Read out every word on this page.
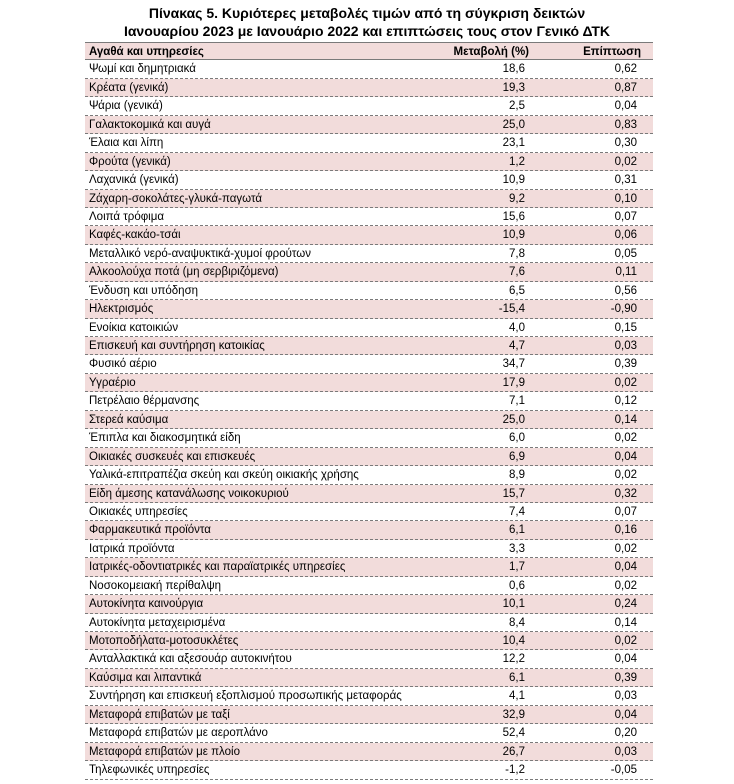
Πίνακας 5. Κυριότερες μεταβολές τιμών από τη σύγκριση δεικτών
Ιανουαρίου 2023 με Ιανουάριο 2022 και επιπτώσεις τους στον Γενικό ΔΤΚ
Αγαθά και υπηρεσίες	Μεταβολή (%)	Επίπτωση
Ψωμί και δημητριακά	18,6	0,62
Κρέατα (γενικά)	19,3	0,87
Ψάρια (γενικά)	2,5	0,04
Γαλακτοκομικά και αυγά	25,0	0,83
Έλαια και λίπη	23,1	0,30
Φρούτα (γενικά)	1,2	0,02
Λαχανικά (γενικά)	10,9	0,31
Ζάχαρη-σοκολάτες-γλυκά-παγωτά	9,2	0,10
Λοιπά τρόφιμα	15,6	0,07
Καφές-κακάο-τσάι	10,9	0,06
Μεταλλικό νερό-αναψυκτικά-χυμοί φρούτων	7,8	0,05
Αλκοολούχα ποτά (μη σερβιριζόμενα)	7,6	0,11
Ένδυση και υπόδηση	6,5	0,56
Ηλεκτρισμός	-15,4	-0,90
Ενοίκια κατοικιών	4,0	0,15
Επισκευή και συντήρηση κατοικίας	4,7	0,03
Φυσικό αέριο	34,7	0,39
Υγραέριο	17,9	0,02
Πετρέλαιο θέρμανσης	7,1	0,12
Στερεά καύσιμα	25,0	0,14
Έπιπλα και διακοσμητικά είδη	6,0	0,02
Οικιακές συσκευές και επισκευές	6,9	0,04
Υαλικά-επιτραπέζια σκεύη και σκεύη οικιακής χρήσης	8,9	0,02
Είδη άμεσης κατανάλωσης νοικοκυριού	15,7	0,32
Οικιακές υπηρεσίες	7,4	0,07
Φαρμακευτικά προϊόντα	6,1	0,16
Ιατρικά προϊόντα	3,3	0,02
Ιατρικές-οδοντιατρικές και παραϊατρικές υπηρεσίες	1,7	0,04
Νοσοκομειακή περίθαλψη	0,6	0,02
Αυτοκίνητα καινούργια	10,1	0,24
Αυτοκίνητα μεταχειρισμένα	8,4	0,14
Μοτοποδήλατα-μοτοσυκλέτες	10,4	0,02
Ανταλλακτικά και αξεσουάρ αυτοκινήτου	12,2	0,04
Καύσιμα και λιπαντικά	6,1	0,39
Συντήρηση και επισκευή εξοπλισμού προσωπικής μεταφοράς	4,1	0,03
Μεταφορά επιβατών με ταξί	32,9	0,04
Μεταφορά επιβατών με αεροπλάνο	52,4	0,20
Μεταφορά επιβατών με πλοίο	26,7	0,03
Τηλεφωνικές υπηρεσίες	-1,2	-0,05
